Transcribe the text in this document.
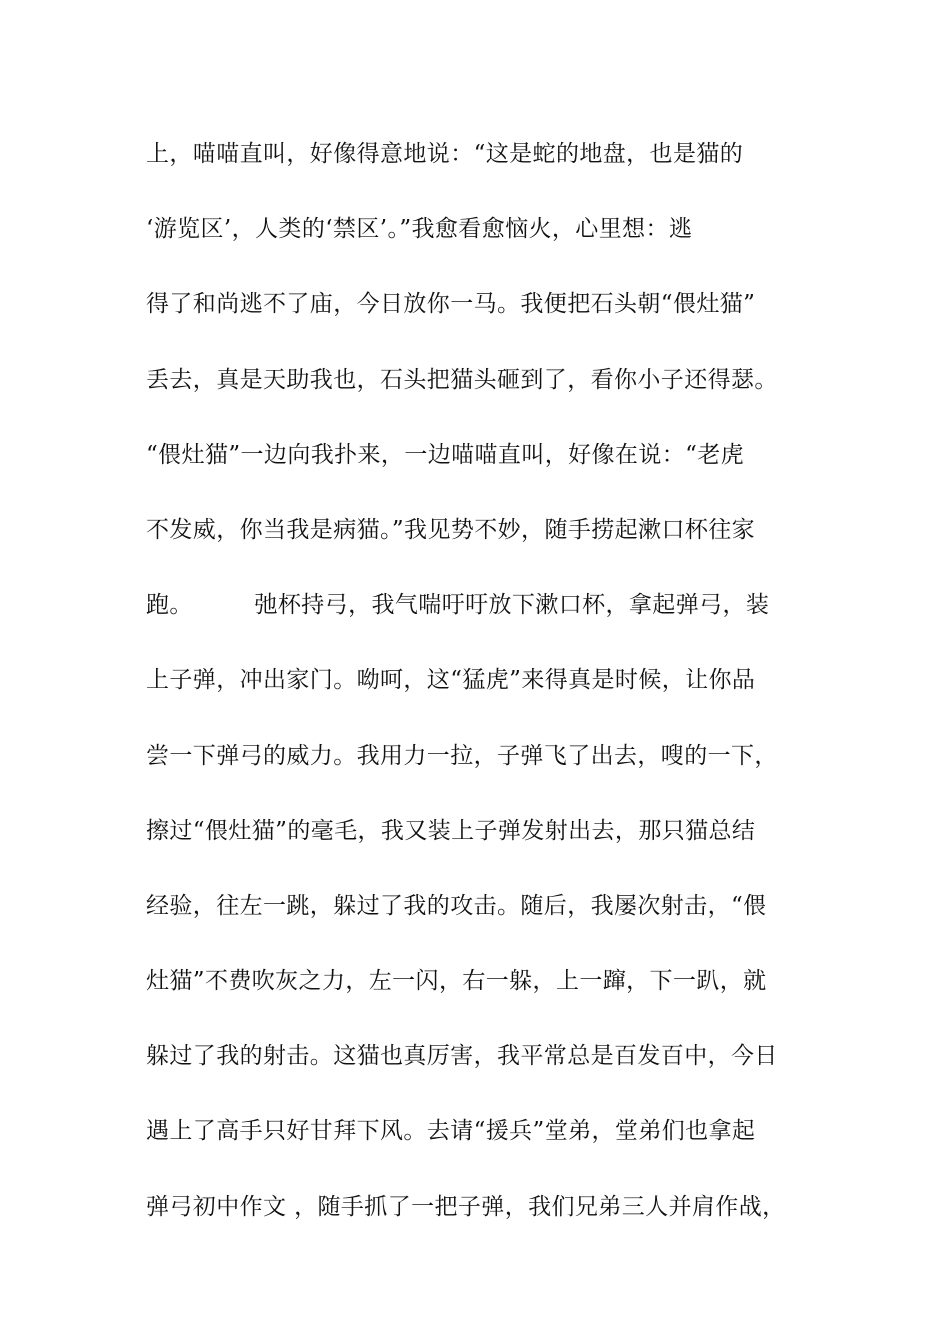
上，喵喵直叫，好像得意地说：“这是蛇的地盘，也是猫的
‘游览区’，人类的‘禁区’。”我愈看愈恼火，心里想：逃
得了和尚逃不了庙，今日放你一马。我便把石头朝“偎灶猫”
丢去，真是天助我也，石头把猫头砸到了，看你小子还得瑟。
“偎灶猫”一边向我扑来，一边喵喵直叫，好像在说：“老虎
不发威，你当我是病猫。”我见势不妙，随手捞起漱口杯往家
跑。        弛杯持弓，我气喘吁吁放下漱口杯，拿起弹弓，装
上子弹，冲出家门。呦呵，这“猛虎”来得真是时候，让你品
尝一下弹弓的威力。我用力一拉，子弹飞了出去，嗖的一下，
擦过“偎灶猫”的毫毛，我又装上子弹发射出去，那只猫总结
经验，往左一跳，躲过了我的攻击。随后，我屡次射击，“偎
灶猫”不费吹灰之力，左一闪，右一躲，上一蹿，下一趴，就
躲过了我的射击。这猫也真厉害，我平常总是百发百中，今日
遇上了高手只好甘拜下风。去请“援兵”堂弟，堂弟们也拿起
弹弓初中作文 ，随手抓了一把子弹，我们兄弟三人并肩作战，
